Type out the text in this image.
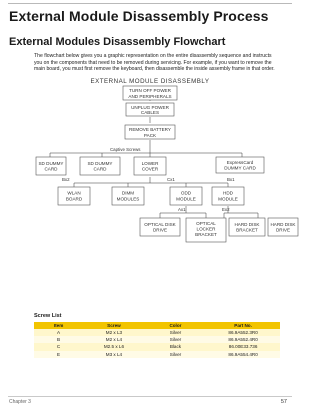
External Module Disassembly Process
External Modules Disassembly Flowchart
The flowchart below gives you a graphic representation on the entire disassembly sequence and instructs you on the components that need to be removed during servicing. For example, if you want to remove the main board, you must first remove the keyboard, then disassemble the inside assembly frame in that order.
EXTERNAL MODULE DISASSEMBLY
TURN OFF POWER
AND PERIPHERALS
UNPLUG POWER
CABLES
REMOVE BATTERY
PACK
Captive Screws
SD DUMMY
CARD
SD DUMMY
CARD
LOWER
COVER
ExpressCard
DUMMY CARD
Bx2	Cx1	Bx1
WLAN
BOARD
DIMM
MODULES
ODD
MODULE
HDD
MODULE
Ax1	Ex2
OPTICAL DISK
DRIVE
OPTICAL
LOCKER
BRACKET
HARD DISK
BRACKET
HARD DISK
DRIVE
Screw List
Item	Screw	Color	Part No.
A	M2 x L3	Silver	86.9A552.3R0
B	M2 x L4	Silver	86.9A552.4R0
C	M2.5 x L6	Black	86.00E33.736
E	M3 x L4	Silver	86.9A554.4R0
Chapter 3	57
